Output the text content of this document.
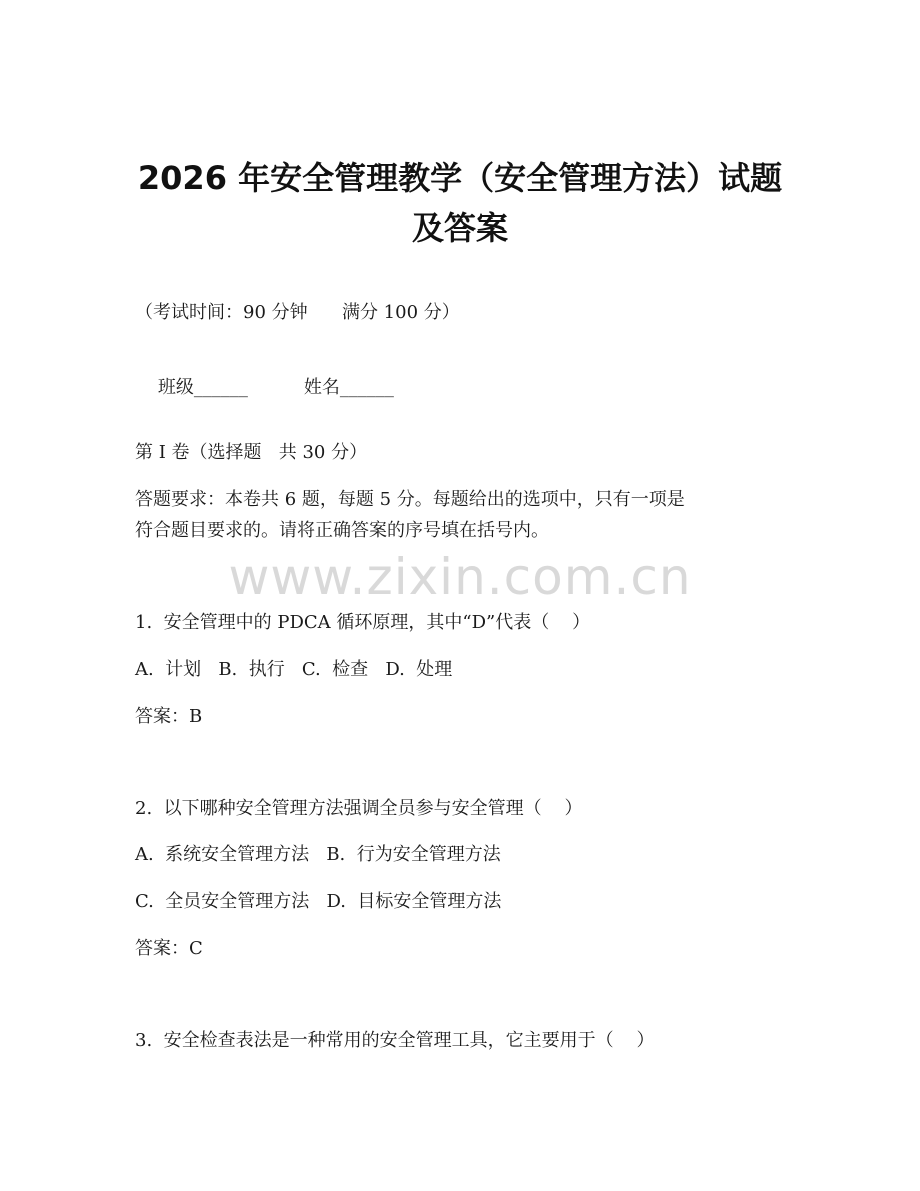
2026 年安全管理教学（安全管理方法）试题
及答案
（考试时间：90 分钟      满分 100 分）

班级______	姓名______

第 I 卷（选择题   共 30 分）
答题要求：本卷共 6 题，每题 5 分。每题给出的选项中，只有一项是
符合题目要求的。请将正确答案的序号填在括号内。
www.zixin.com.cn
1.  安全管理中的 PDCA 循环原理，其中“D”代表（    ）
A.  计划   B.  执行   C.  检查   D.  处理
答案：B
2.  以下哪种安全管理方法强调全员参与安全管理（    ）
A.  系统安全管理方法   B.  行为安全管理方法
C.  全员安全管理方法   D.  目标安全管理方法
答案：C
3.  安全检查表法是一种常用的安全管理工具，它主要用于（    ）
